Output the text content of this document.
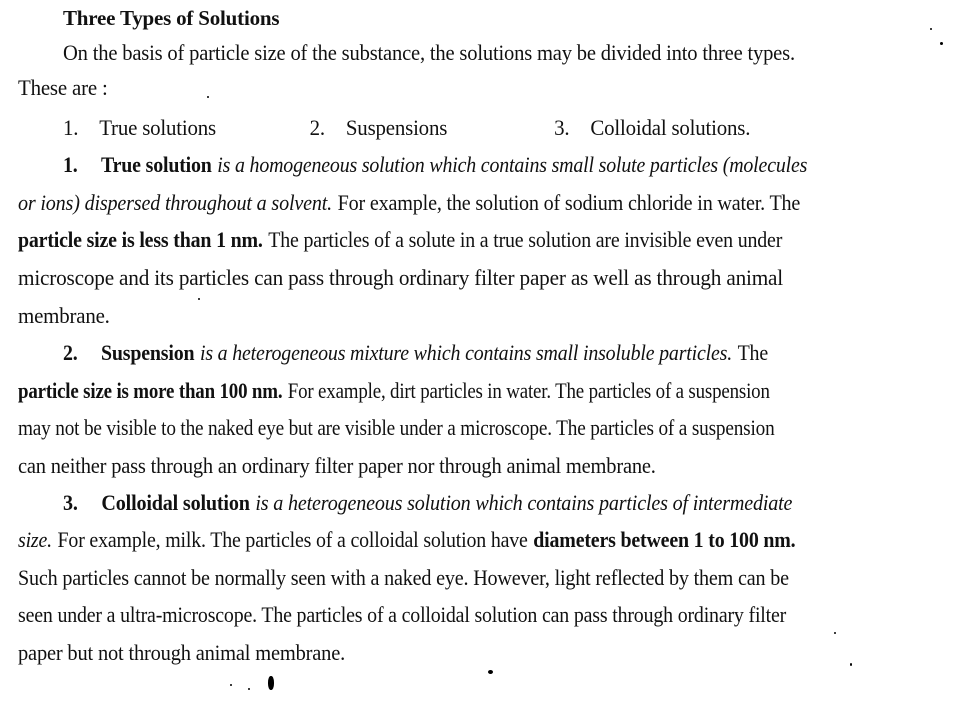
Three Types of Solutions
On the basis of particle size of the substance, the solutions may be divided into three types.
These are :
1. True solutions	2. Suspensions	3. Colloidal solutions.
1. True solution is a homogeneous solution which contains small solute particles (molecules
or ions) dispersed throughout a solvent. For example, the solution of sodium chloride in water. The
particle size is less than 1 nm. The particles of a solute in a true solution are invisible even under
microscope and its particles can pass through ordinary filter paper as well as through animal
membrane.
2. Suspension is a heterogeneous mixture which contains small insoluble particles. The
particle size is more than 100 nm. For example, dirt particles in water. The particles of a suspension
may not be visible to the naked eye but are visible under a microscope. The particles of a suspension
can neither pass through an ordinary filter paper nor through animal membrane.
3. Colloidal solution is a heterogeneous solution which contains particles of intermediate
size. For example, milk. The particles of a colloidal solution have diameters between 1 to 100 nm.
Such particles cannot be normally seen with a naked eye. However, light reflected by them can be
seen under a ultra-microscope. The particles of a colloidal solution can pass through ordinary filter
paper but not through animal membrane.
